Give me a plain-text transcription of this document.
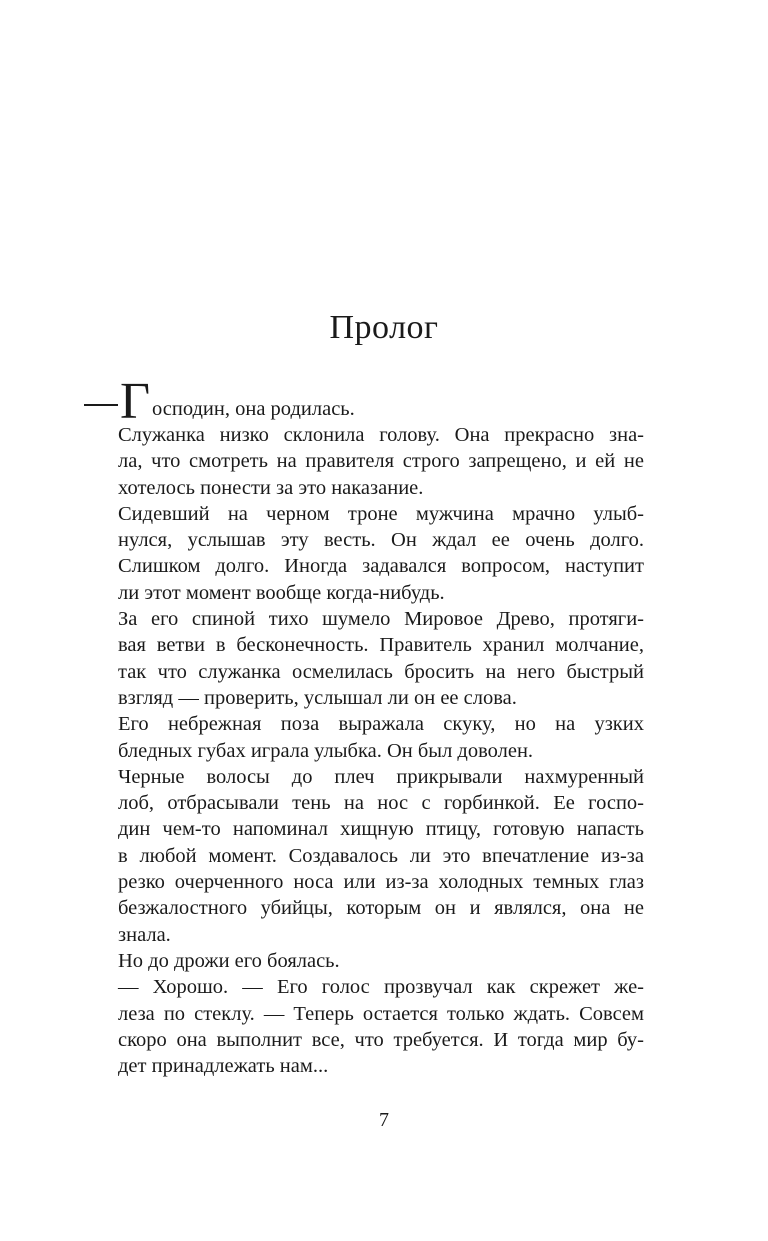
Пролог
Г осподин, она родилась.

Служанка низко склонила голову. Она прекрасно зна-
ла, что смотреть на правителя строго запрещено, и ей не
хотелось понести за это наказание.

Сидевший на черном троне мужчина мрачно улыб-
нулся, услышав эту весть. Он ждал ее очень долго.
Слишком долго. Иногда задавался вопросом, наступит
ли этот момент вообще когда-нибудь.

За его спиной тихо шумело Мировое Древо, протяги-
вая ветви в бесконечность. Правитель хранил молчание,
так что служанка осмелилась бросить на него быстрый
взгляд — проверить, услышал ли он ее слова.

Его небрежная поза выражала скуку, но на узких
бледных губах играла улыбка. Он был доволен.

Черные волосы до плеч прикрывали нахмуренный
лоб, отбрасывали тень на нос с горбинкой. Ее госпо-
дин чем-то напоминал хищную птицу, готовую напасть
в любой момент. Создавалось ли это впечатление из-за
резко очерченного носа или из-за холодных темных глаз
безжалостного убийцы, которым он и являлся, она не
знала.

Но до дрожи его боялась.

— Хорошо. — Его голос прозвучал как скрежет же-
леза по стеклу. — Теперь остается только ждать. Совсем
скоро она выполнит все, что требуется. И тогда мир бу-
дет принадлежать нам...

7
